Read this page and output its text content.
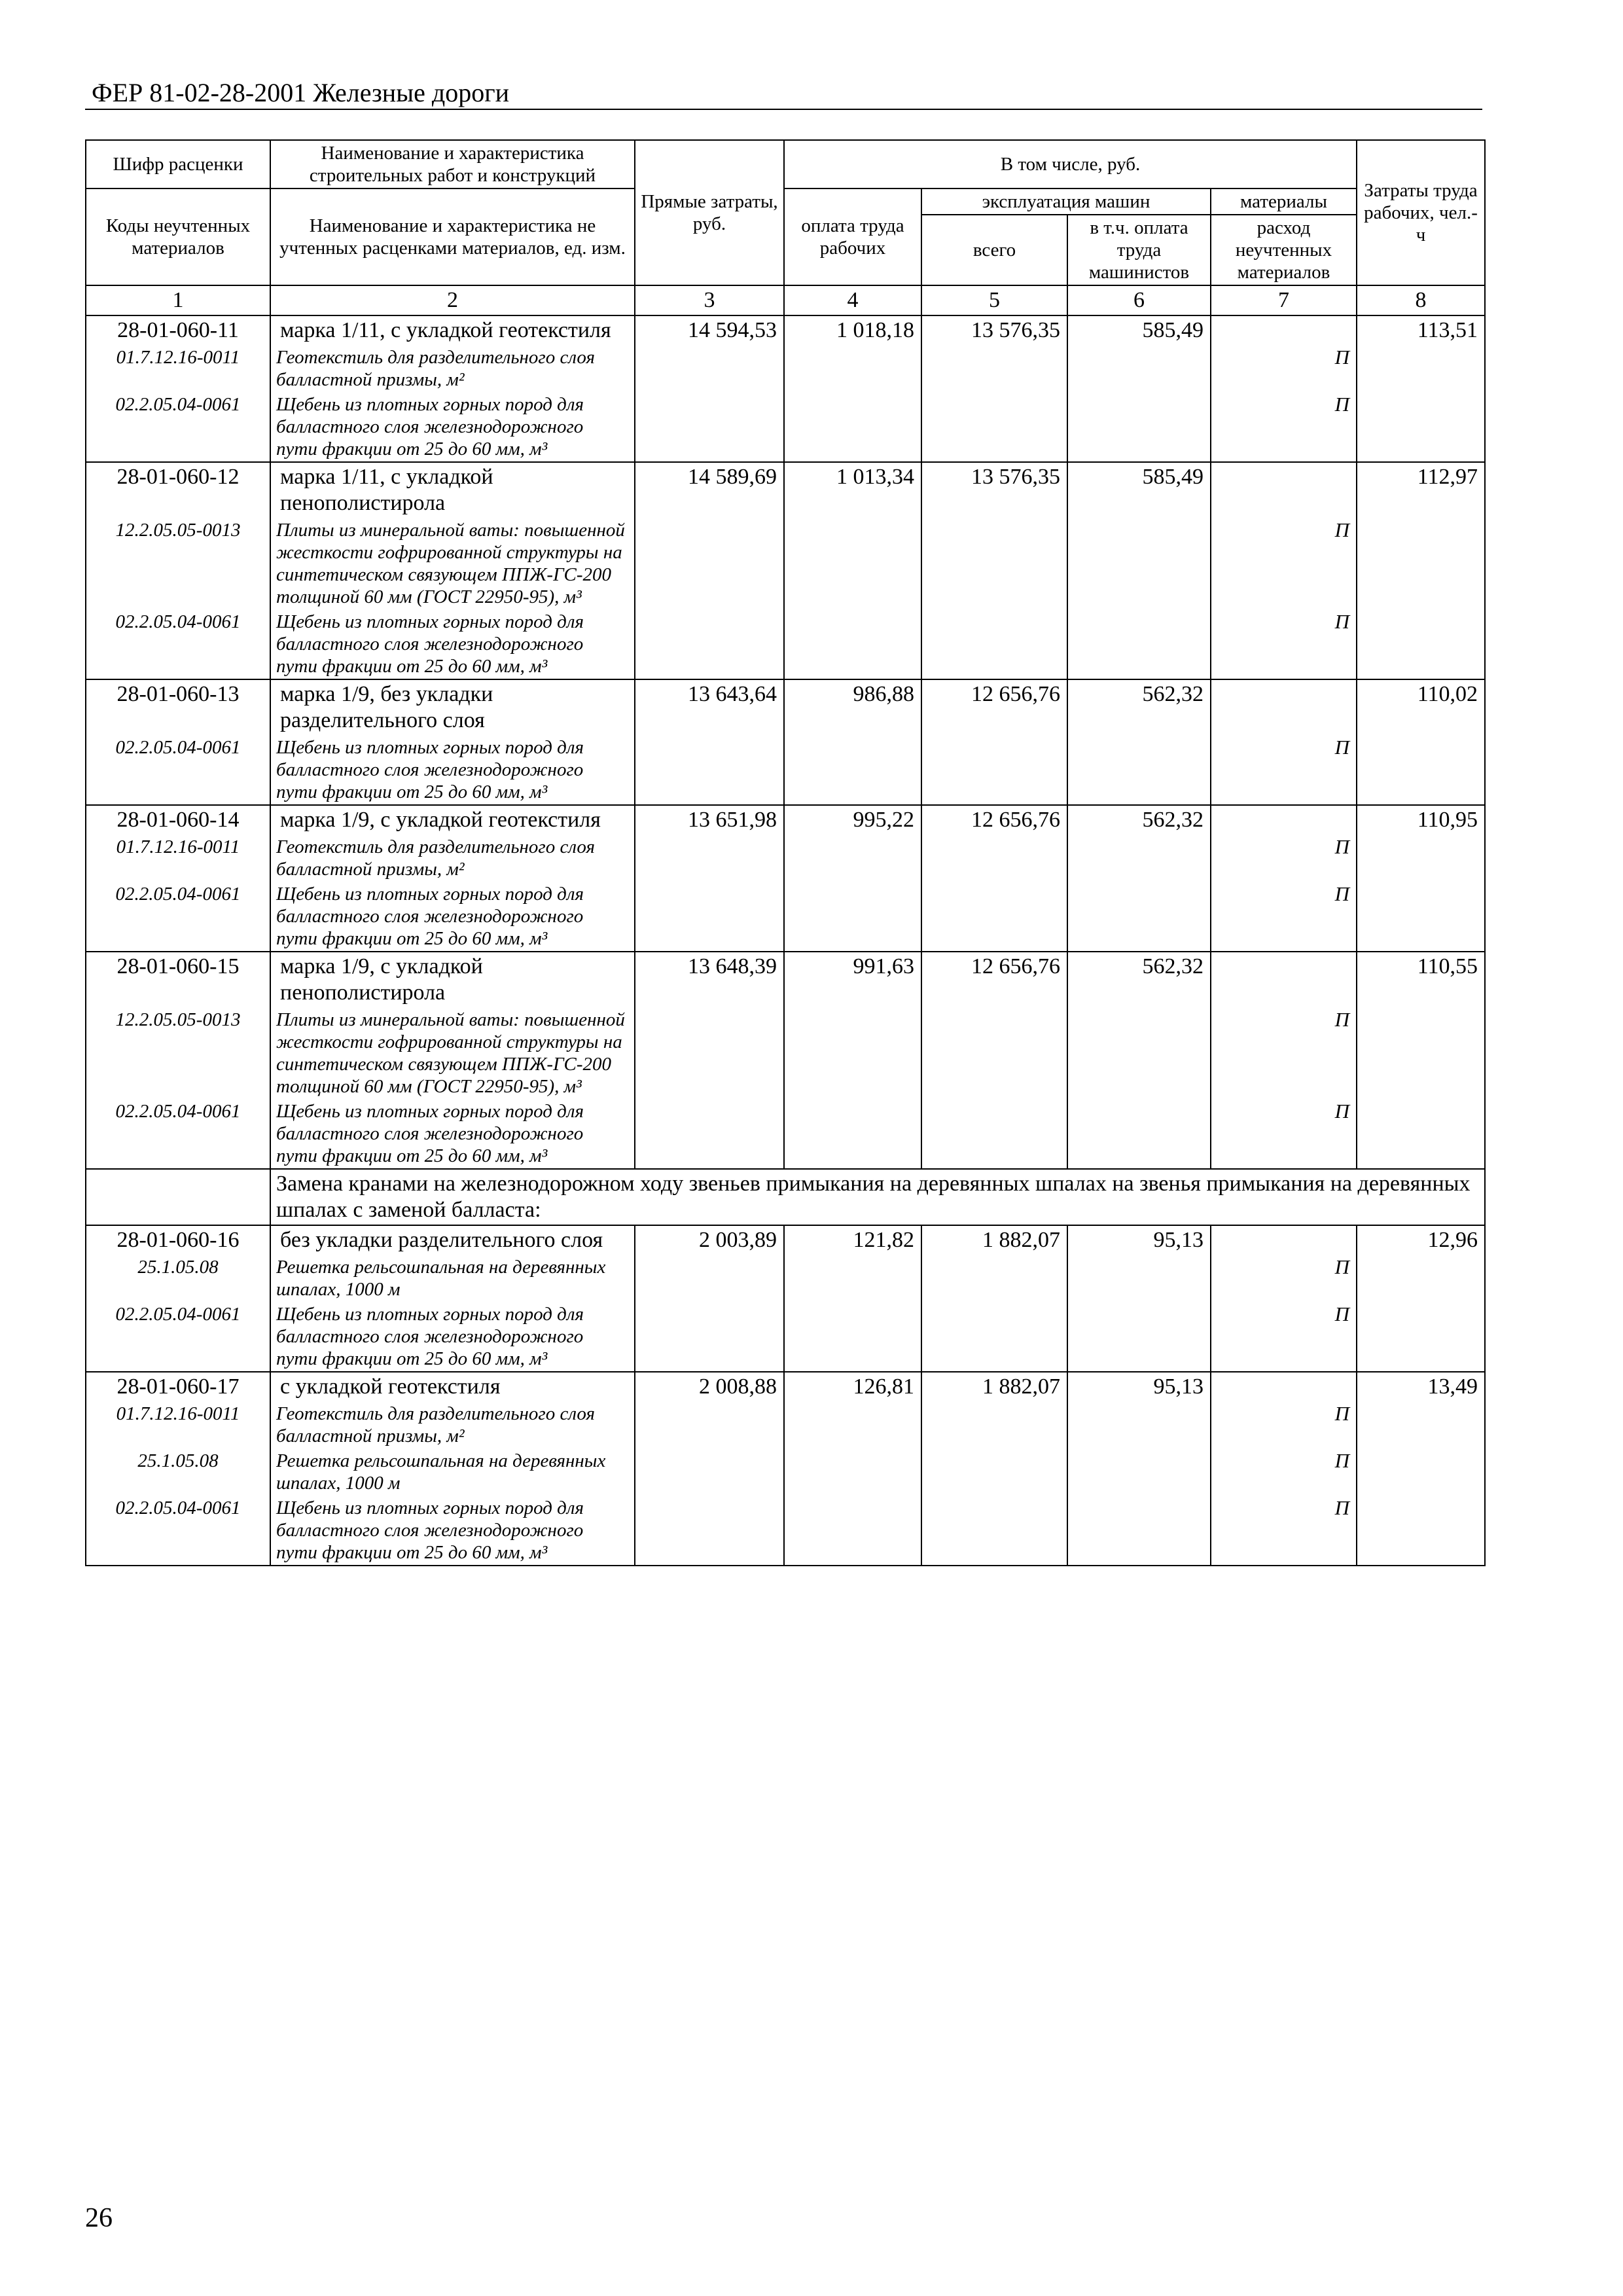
ФЕР 81-02-28-2001 Железные дороги
Шифр расценки	Наименование и характеристика строительных работ и конструкций	Прямые затраты, руб.	В том числе, руб.				Затраты труда рабочих, чел.-ч
Коды неучтенных материалов	Наименование и характеристика не учтенных расценками материалов, ед. изм.		оплата труда рабочих	эксплуатация машин		материалы	
				всего	в т.ч. оплата труда машинистов	расход неучтенных материалов	
1	2	3	4	5	6	7	8
28-01-060-11	марка 1/11, с укладкой геотекстиля	14 594,53	1 018,18	13 576,35	585,49		113,51
01.7.12.16-0011	Геотекстиль для разделительного слоя балластной призмы, м²					П	
02.2.05.04-0061	Щебень из плотных горных пород для балластного слоя железнодорожного пути фракции от 25 до 60 мм, м³					П	
28-01-060-12	марка 1/11, с укладкой пенополистирола	14 589,69	1 013,34	13 576,35	585,49		112,97
12.2.05.05-0013	Плиты из минеральной ваты: повышенной жесткости гофрированной структуры на синтетическом связующем ППЖ-ГС-200 толщиной 60 мм (ГОСТ 22950-95), м³					П	
02.2.05.04-0061	Щебень из плотных горных пород для балластного слоя железнодорожного пути фракции от 25 до 60 мм, м³					П	
28-01-060-13	марка 1/9, без укладки разделительного слоя	13 643,64	986,88	12 656,76	562,32		110,02
02.2.05.04-0061	Щебень из плотных горных пород для балластного слоя железнодорожного пути фракции от 25 до 60 мм, м³					П	
28-01-060-14	марка 1/9, с укладкой геотекстиля	13 651,98	995,22	12 656,76	562,32		110,95
01.7.12.16-0011	Геотекстиль для разделительного слоя балластной призмы, м²					П	
02.2.05.04-0061	Щебень из плотных горных пород для балластного слоя железнодорожного пути фракции от 25 до 60 мм, м³					П	
28-01-060-15	марка 1/9, с укладкой пенополистирола	13 648,39	991,63	12 656,76	562,32		110,55
12.2.05.05-0013	Плиты из минеральной ваты: повышенной жесткости гофрированной структуры на синтетическом связующем ППЖ-ГС-200 толщиной 60 мм (ГОСТ 22950-95), м³					П	
02.2.05.04-0061	Щебень из плотных горных пород для балластного слоя железнодорожного пути фракции от 25 до 60 мм, м³					П	
	Замена кранами на железнодорожном ходу звеньев примыкания на деревянных шпалах на звенья примыкания на деревянных шпалах с заменой балласта:						
28-01-060-16	без укладки разделительного слоя	2 003,89	121,82	1 882,07	95,13		12,96
25.1.05.08	Решетка рельсошпальная на деревянных шпалах, 1000 м					П	
02.2.05.04-0061	Щебень из плотных горных пород для балластного слоя железнодорожного пути фракции от 25 до 60 мм, м³					П	
28-01-060-17	с укладкой геотекстиля	2 008,88	126,81	1 882,07	95,13		13,49
01.7.12.16-0011	Геотекстиль для разделительного слоя балластной призмы, м²					П	
25.1.05.08	Решетка рельсошпальная на деревянных шпалах, 1000 м					П	
02.2.05.04-0061	Щебень из плотных горных пород для балластного слоя железнодорожного пути фракции от 25 до 60 мм, м³					П	
26
